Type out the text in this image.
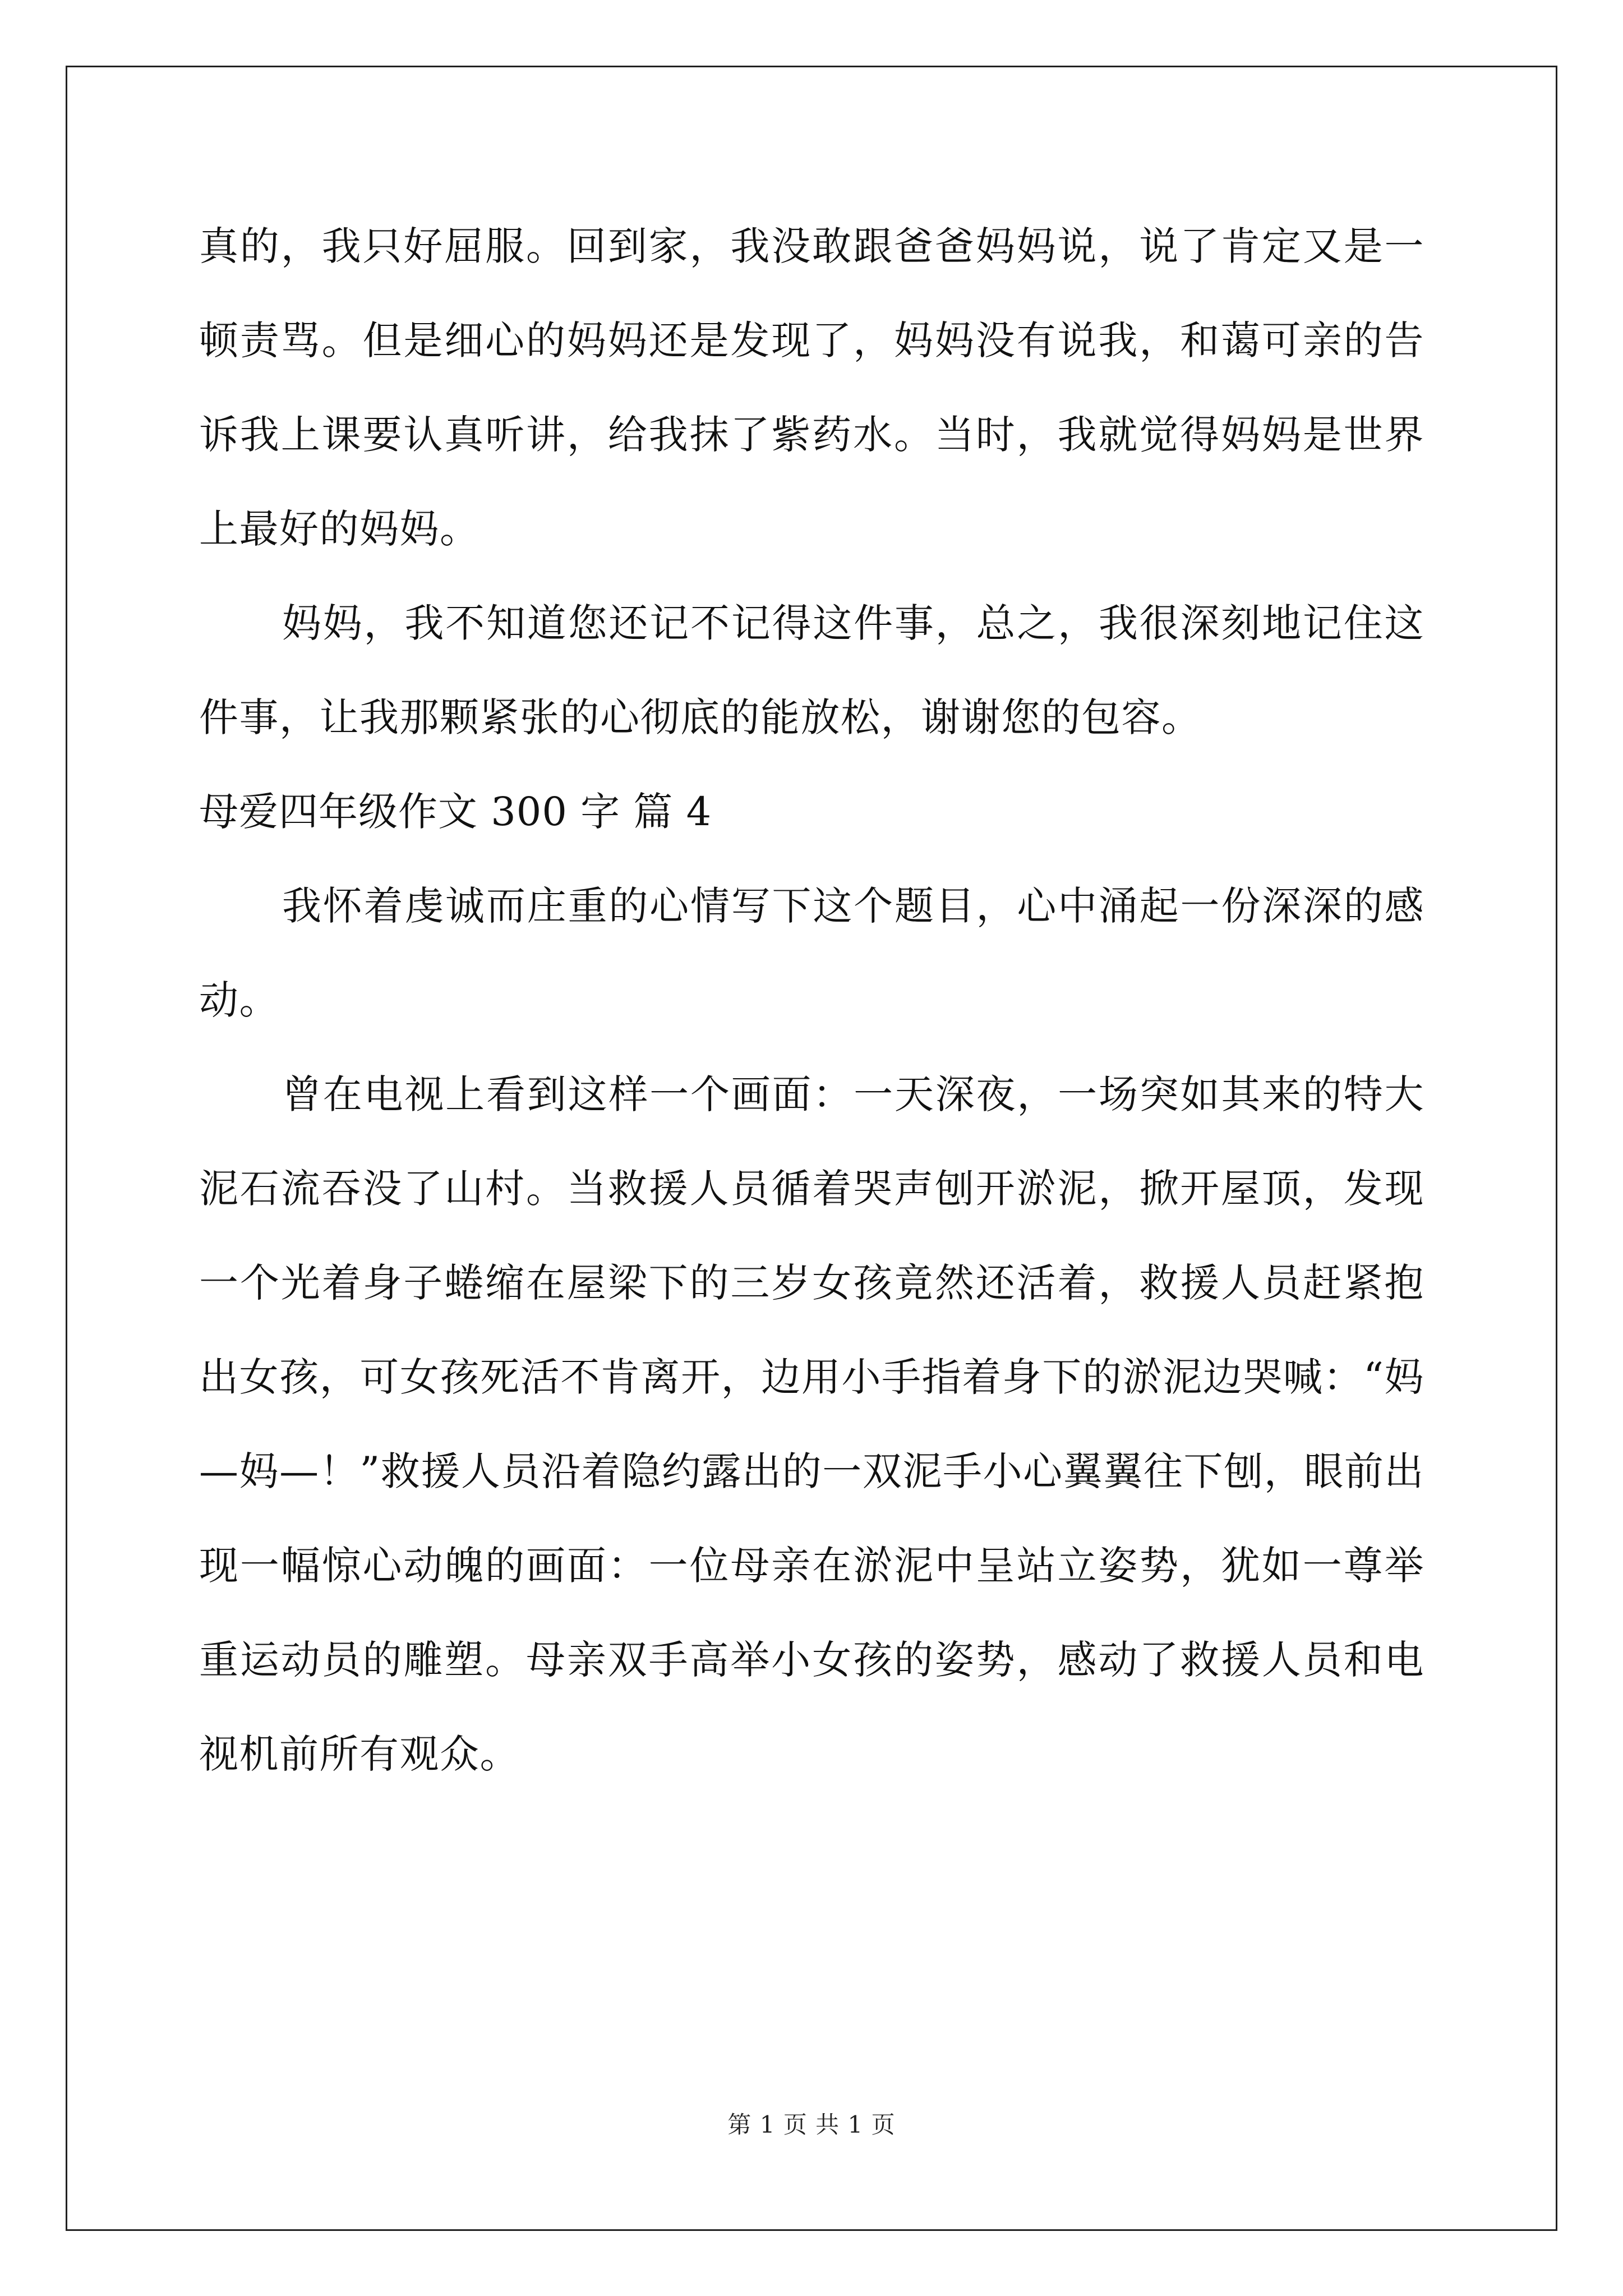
真的，我只好屈服。回到家，我没敢跟爸爸妈妈说，说了肯定又是一顿责骂。但是细心的妈妈还是发现了，妈妈没有说我，和蔼可亲的告诉我上课要认真听讲，给我抹了紫药水。当时，我就觉得妈妈是世界上最好的妈妈。

妈妈，我不知道您还记不记得这件事，总之，我很深刻地记住这件事，让我那颗紧张的心彻底的能放松，谢谢您的包容。

母爱四年级作文 300 字 篇 4

我怀着虔诚而庄重的心情写下这个题目，心中涌起一份深深的感动。

曾在电视上看到这样一个画面：一天深夜，一场突如其来的特大泥石流吞没了山村。当救援人员循着哭声刨开淤泥，掀开屋顶，发现一个光着身子蜷缩在屋梁下的三岁女孩竟然还活着，救援人员赶紧抱出女孩，可女孩死活不肯离开，边用小手指着身下的淤泥边哭喊：“妈—妈—！”救援人员沿着隐约露出的一双泥手小心翼翼往下刨，眼前出现一幅惊心动魄的画面：一位母亲在淤泥中呈站立姿势，犹如一尊举重运动员的雕塑。母亲双手高举小女孩的姿势，感动了救援人员和电视机前所有观众。

第 1 页 共 1 页
